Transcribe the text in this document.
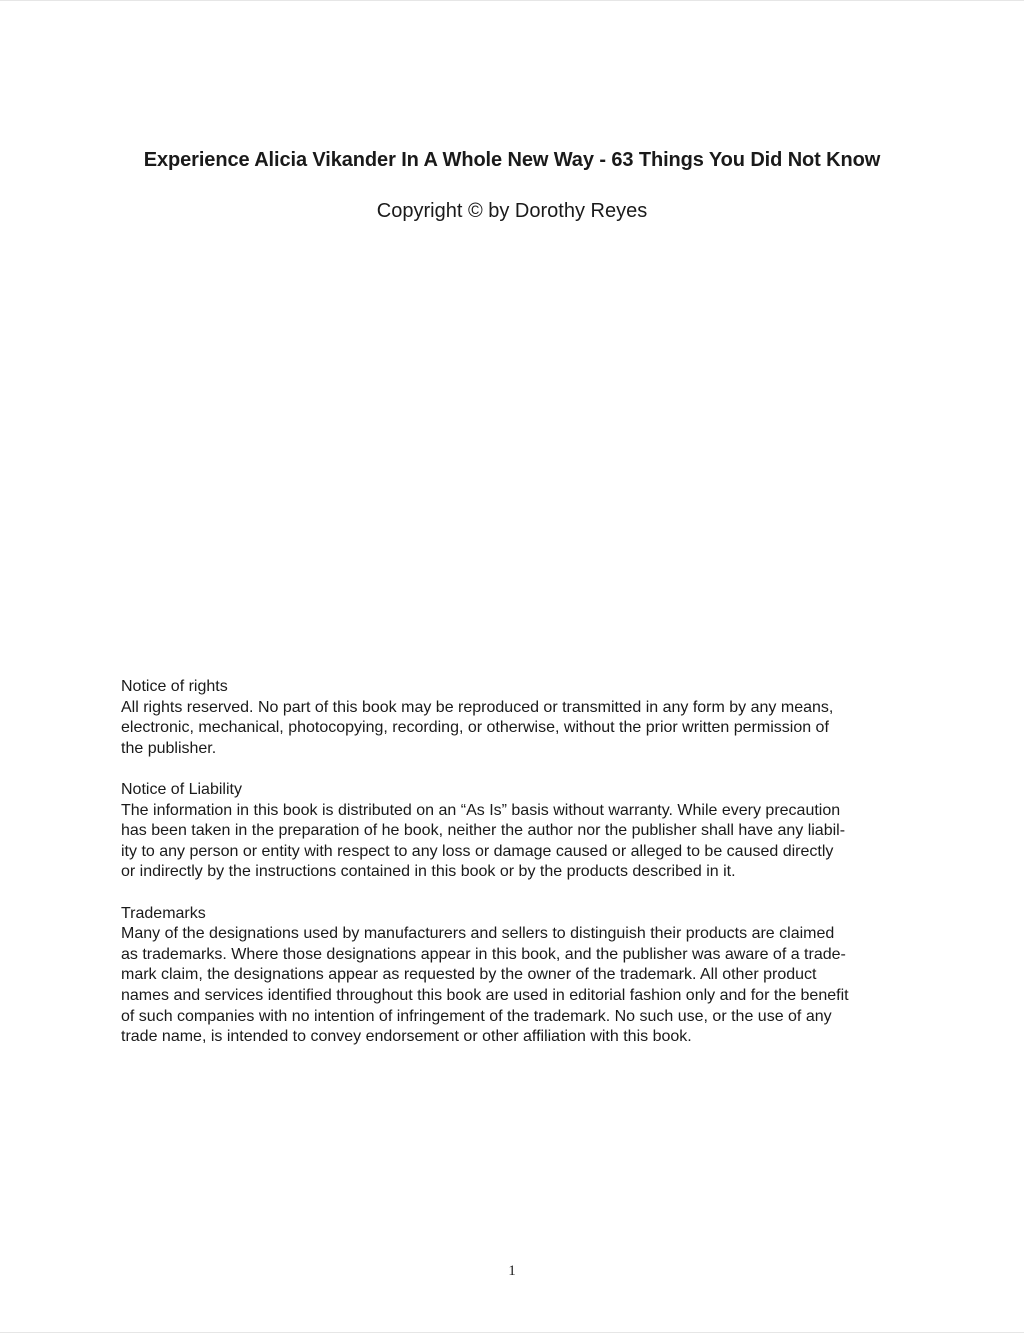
Experience Alicia Vikander In A Whole New Way - 63 Things You Did Not Know

Copyright © by Dorothy Reyes

Notice of rights
All rights reserved. No part of this book may be reproduced or transmitted in any form by any means,
electronic, mechanical, photocopying, recording, or otherwise, without the prior written permission of
the publisher.
Notice of Liability
The information in this book is distributed on an “As Is” basis without warranty. While every precaution
has been taken in the preparation of he book, neither the author nor the publisher shall have any liabil-
ity to any person or entity with respect to any loss or damage caused or alleged to be caused directly
or indirectly by the instructions contained in this book or by the products described in it.
Trademarks
Many of the designations used by manufacturers and sellers to distinguish their products are claimed
as trademarks. Where those designations appear in this book, and the publisher was aware of a trade-
mark claim, the designations appear as requested by the owner of the trademark. All other product
names and services identified throughout this book are used in editorial fashion only and for the benefit
of such companies with no intention of infringement of the trademark. No such use, or the use of any
trade name, is intended to convey endorsement or other affiliation with this book.
1
